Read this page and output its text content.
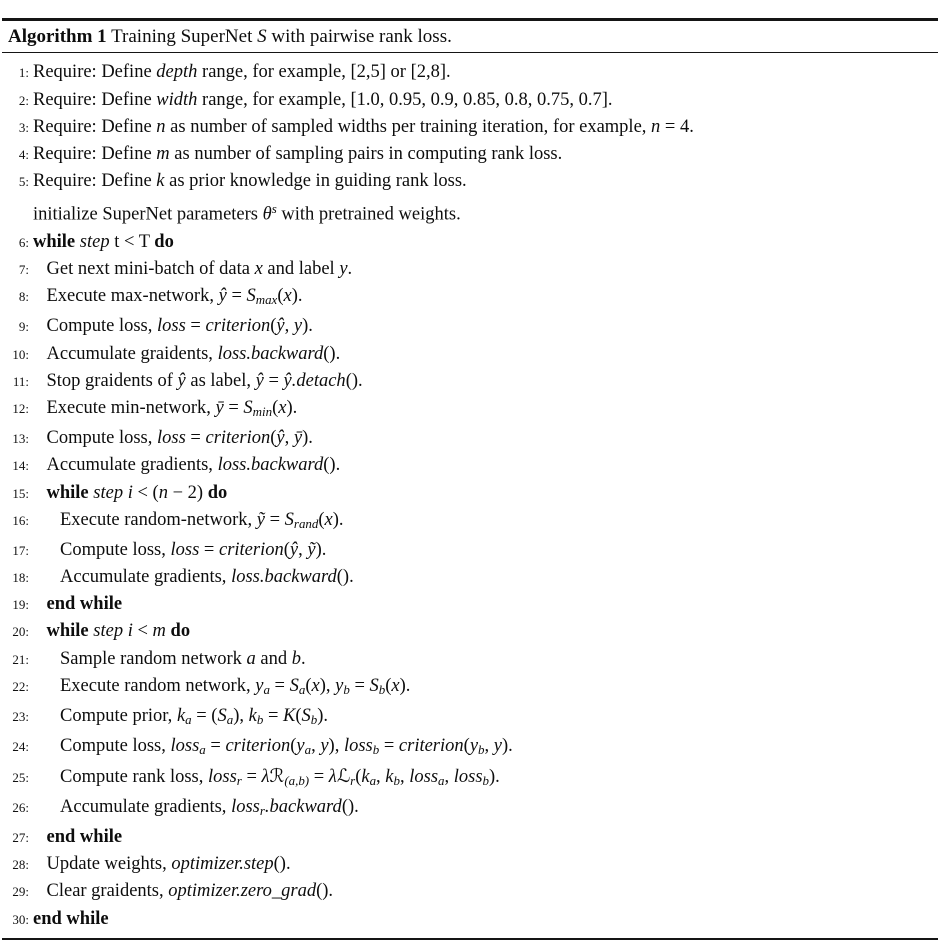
Algorithm 1 Training SuperNet S with pairwise rank loss.
1: Require: Define depth range, for example, [2,5] or [2,8].
2: Require: Define width range, for example, [1.0, 0.95, 0.9, 0.85, 0.8, 0.75, 0.7].
3: Require: Define n as number of sampled widths per training iteration, for example, n = 4.
4: Require: Define m as number of sampling pairs in computing rank loss.
5: Require: Define k as prior knowledge in guiding rank loss.
initialize SuperNet parameters $\theta^s$ with pretrained weights.
6: while step t < T do
7: Get next mini-batch of data x and label y.
8: Execute max-network, ŷ = $S_{max}(x)$.
9: Compute loss, loss = criterion(ŷ, y).
10: Accumulate graidents, loss.backward().
11: Stop graidents of ŷ as label, ŷ = ŷ.detach().
12: Execute min-network, ȳ = $S_{min}(x)$.
13: Compute loss, loss = criterion(ŷ, ȳ).
14: Accumulate gradients, loss.backward().
15: while step i < (n − 2) do
16:	Execute random-network, ỹ = $S_{rand}(x)$.
17:	Compute loss, loss = criterion(ŷ, ỹ).
18:	Accumulate gradients, loss.backward().
19: end while
20: while step i < m do
21:	Sample random network a and b.
22:	Execute random network, $y_a = S_a(x)$, $y_b = S_b(x)$.
23:	Compute prior, $k_a = (S_a)$, $k_b = K(S_b)$.
24:	Compute loss, loss$_a$ = $criterion(y_a$, y), loss$_b$ = $criterion(y_b$, y).
25:	Compute rank loss, loss$_r$ = λℛ$_{(a,b)}$ = $\lambda ℒ_r(k_a$, $k_b$, loss$_a$, loss$_b$).
26:	Accumulate gradients, loss$_r$.backward().
27: end while
28: Update weights, optimizer.step().
29: Clear graidents, optimizer.zero_grad().
30: end while
